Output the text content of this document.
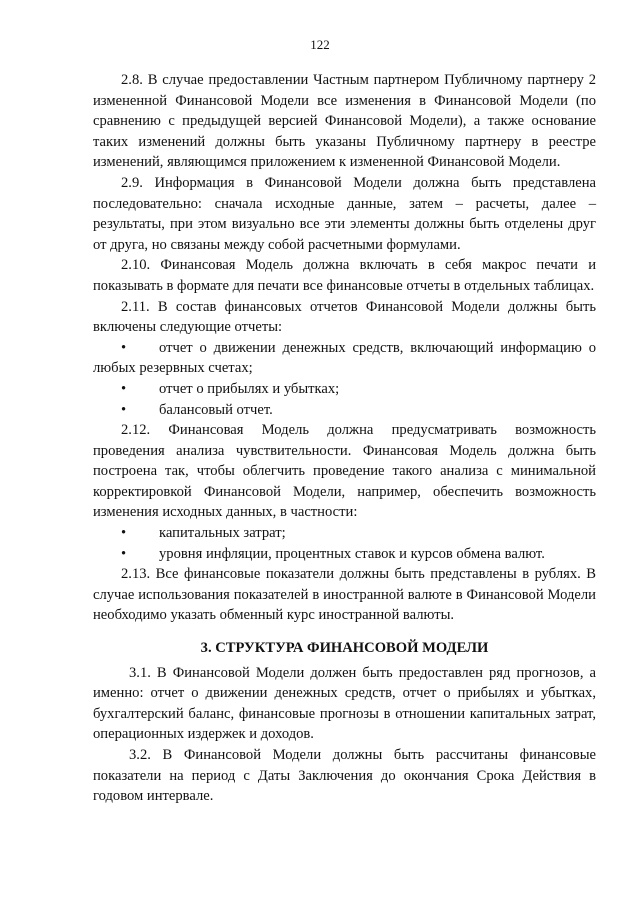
122

2.8. В случае предоставлении Частным партнером Публичному партнеру 2 измененной Финансовой Модели все изменения в Финансовой Модели (по сравнению с предыдущей версией Финансовой Модели), а также основание таких изменений должны быть указаны Публичному партнеру в реестре изменений, являющимся приложением к измененной Финансовой Модели.

2.9. Информация в Финансовой Модели должна быть представлена последовательно: сначала исходные данные, затем – расчеты, далее – результаты, при этом визуально все эти элементы должны быть отделены друг от друга, но связаны между собой расчетными формулами.

2.10. Финансовая Модель должна включать в себя макрос печати и показывать в формате для печати все финансовые отчеты в отдельных таблицах.

2.11. В состав финансовых отчетов Финансовой Модели должны быть включены следующие отчеты:

• отчет о движении денежных средств, включающий информацию о любых резервных счетах;
• отчет о прибылях и убытках;
• балансовый отчет.

2.12. Финансовая Модель должна предусматривать возможность проведения анализа чувствительности. Финансовая Модель должна быть построена так, чтобы облегчить проведение такого анализа с минимальной корректировкой Финансовой Модели, например, обеспечить возможность изменения исходных данных, в частности:

• капитальных затрат;
• уровня инфляции, процентных ставок и курсов обмена валют.

2.13. Все финансовые показатели должны быть представлены в рублях. В случае использования показателей в иностранной валюте в Финансовой Модели необходимо указать обменный курс иностранной валюты.

3. СТРУКТУРА ФИНАНСОВОЙ МОДЕЛИ

3.1. В Финансовой Модели должен быть предоставлен ряд прогнозов, а именно: отчет о движении денежных средств, отчет о прибылях и убытках, бухгалтерский баланс, финансовые прогнозы в отношении капитальных затрат, операционных издержек и доходов.

3.2. В Финансовой Модели должны быть рассчитаны финансовые показатели на период с Даты Заключения до окончания Срока Действия в годовом интервале.
